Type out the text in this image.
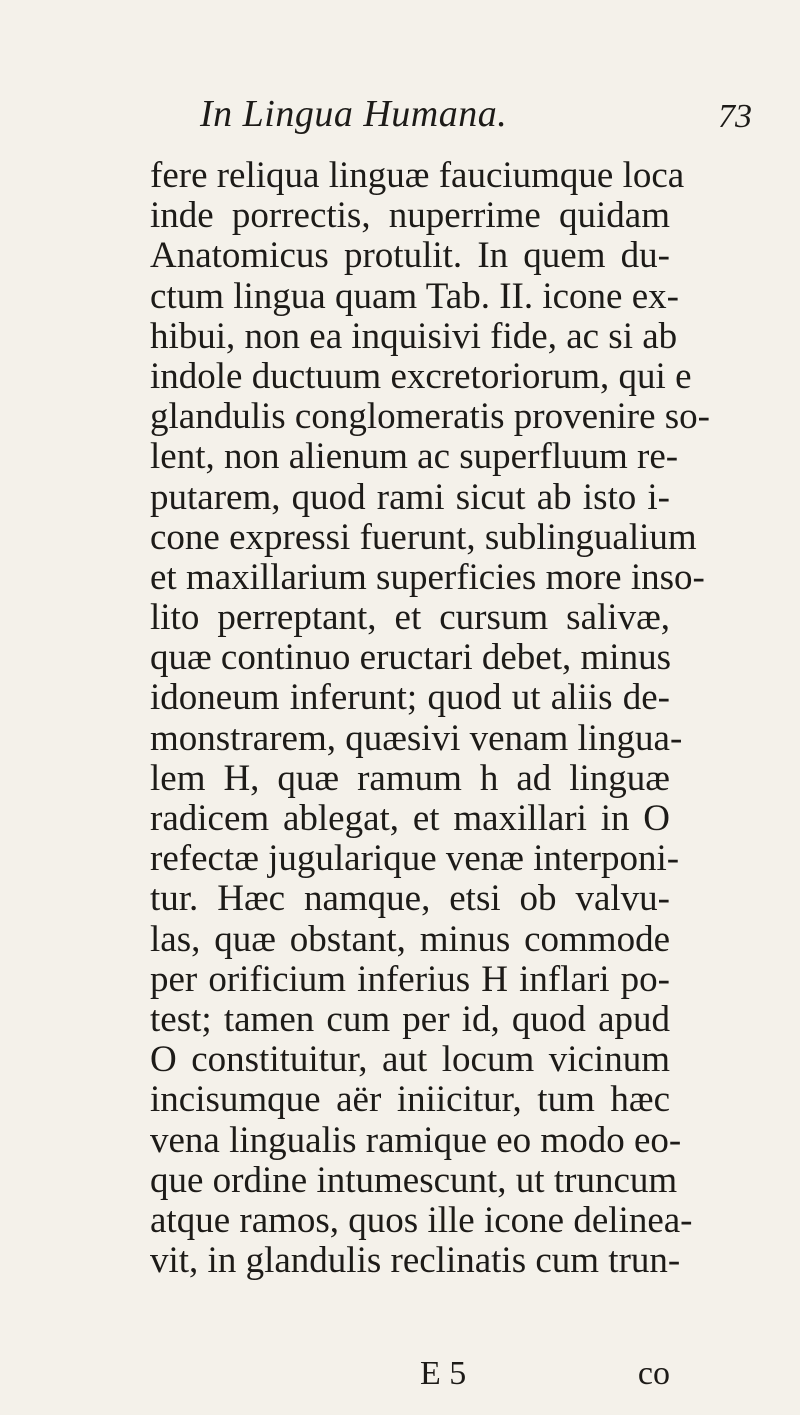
In Lingua Humana.	73
fere reliqua linguæ fauciumque loca
inde porrectis, nuperrime quidam
Anatomicus protulit. In quem du-
ctum lingua quam Tab. II. icone ex-
hibui, non ea inquisivi fide, ac si ab
indole ductuum excretoriorum, qui e
glandulis conglomeratis provenire so-
lent, non alienum ac superfluum re-
putarem, quod rami sicut ab isto i-
cone expressi fuerunt, sublingualium
et maxillarium superficies more inso-
lito perreptant, et cursum salivæ,
quæ continuo eructari debet, minus
idoneum inferunt; quod ut aliis de-
monstrarem, quæsivi venam lingua-
lem H, quæ ramum h ad linguæ
radicem ablegat, et maxillari in O
refectæ jugularique venæ interponi-
tur. Hæc namque, etsi ob valvu-
las, quæ obstant, minus commode
per orificium inferius H inflari po-
test; tamen cum per id, quod apud
O constituitur, aut locum vicinum
incisumque aër iniicitur, tum hæc
vena lingualis ramique eo modo eo-
que ordine intumescunt, ut truncum
atque ramos, quos ille icone delinea-
vit, in glandulis reclinatis cum trun-
E 5	co
